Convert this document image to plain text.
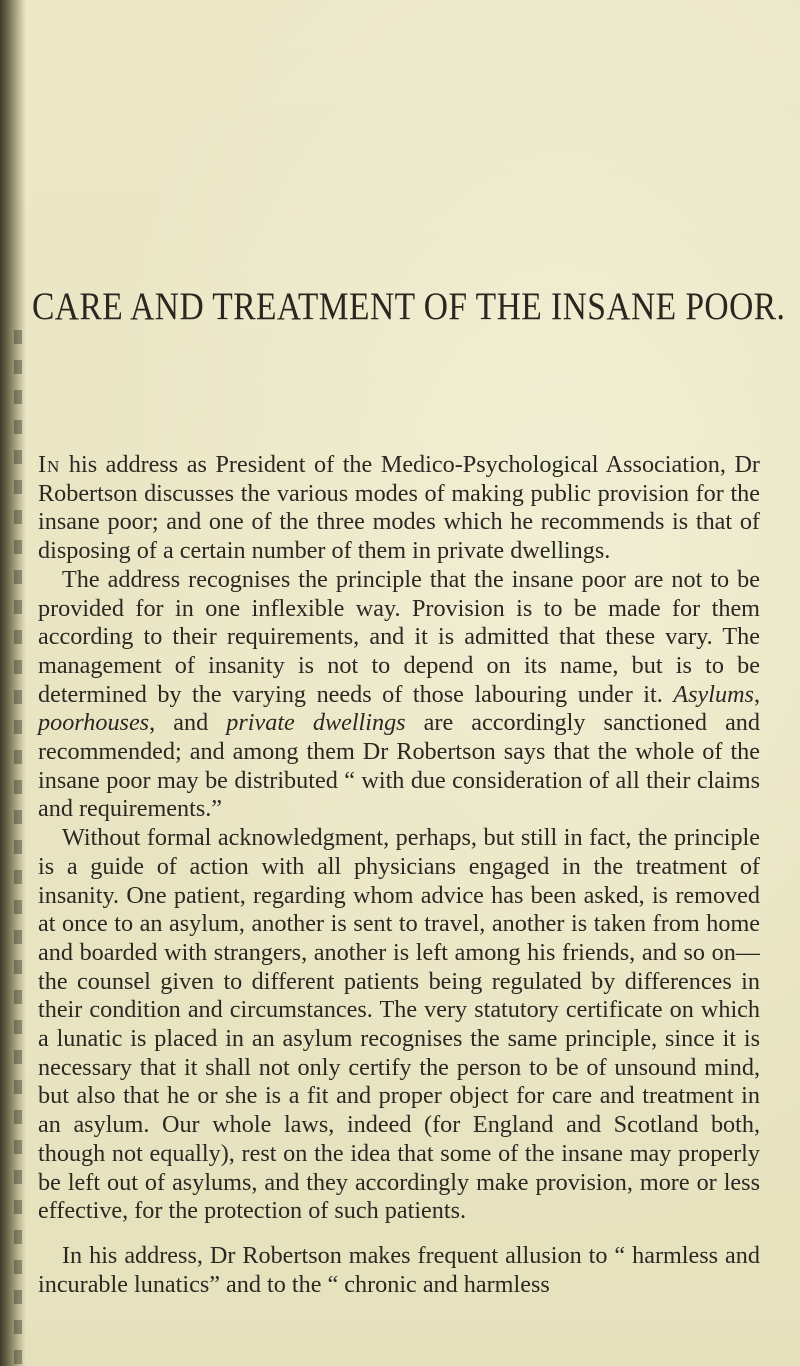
CARE AND TREATMENT OF THE INSANE POOR.

In his address as President of the Medico-Psychological Association, Dr Robertson discusses the various modes of making public provision for the insane poor; and one of the three modes which he recommends is that of disposing of a certain number of them in private dwellings.

The address recognises the principle that the insane poor are not to be provided for in one inflexible way. Provision is to be made for them according to their requirements, and it is admitted that these vary. The management of insanity is not to depend on its name, but is to be determined by the varying needs of those labouring under it. Asylums, poorhouses, and private dwellings are accordingly sanctioned and recommended; and among them Dr Robertson says that the whole of the insane poor may be distributed “ with due consideration of all their claims and requirements.”

Without formal acknowledgment, perhaps, but still in fact, the principle is a guide of action with all physicians engaged in the treatment of insanity. One patient, regarding whom advice has been asked, is removed at once to an asylum, another is sent to travel, another is taken from home and boarded with strangers, another is left among his friends, and so on—the counsel given to different patients being regulated by differences in their condition and circumstances. The very statutory certificate on which a lunatic is placed in an asylum recognises the same principle, since it is necessary that it shall not only certify the person to be of unsound mind, but also that he or she is a fit and proper object for care and treatment in an asylum. Our whole laws, indeed (for England and Scotland both, though not equally), rest on the idea that some of the insane may properly be left out of asylums, and they accordingly make provision, more or less effective, for the protection of such patients.

In his address, Dr Robertson makes frequent allusion to “ harmless and incurable lunatics” and to the “ chronic and harmless
